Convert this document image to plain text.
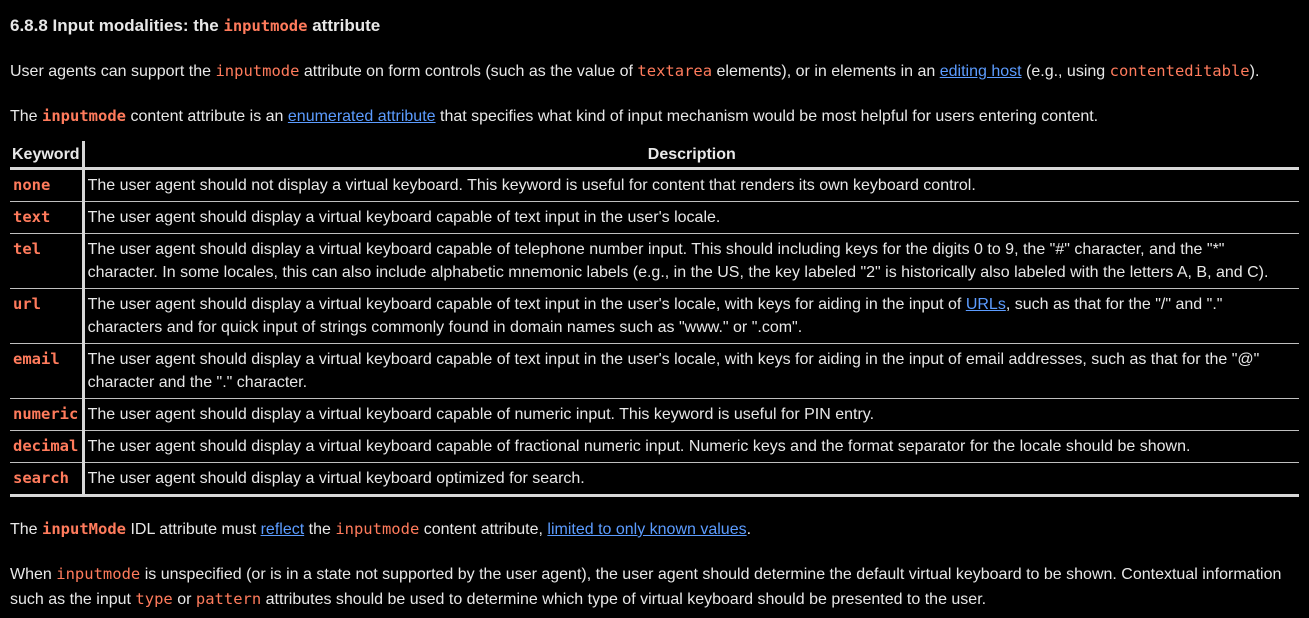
6.8.8 Input modalities: the inputmode attribute

User agents can support the inputmode attribute on form controls (such as the value of textarea elements), or in elements in an editing host (e.g., using contenteditable).

The inputmode content attribute is an enumerated attribute that specifies what kind of input mechanism would be most helpful for users entering content.

Keyword	Description
none	The user agent should not display a virtual keyboard. This keyword is useful for content that renders its own keyboard control.
text	The user agent should display a virtual keyboard capable of text input in the user's locale.
tel	The user agent should display a virtual keyboard capable of telephone number input. This should including keys for the digits 0 to 9, the "#" character, and the "*" character. In some locales, this can also include alphabetic mnemonic labels (e.g., in the US, the key labeled "2" is historically also labeled with the letters A, B, and C).
url	The user agent should display a virtual keyboard capable of text input in the user's locale, with keys for aiding in the input of URLs, such as that for the "/" and "." characters and for quick input of strings commonly found in domain names such as "www." or ".com".
email	The user agent should display a virtual keyboard capable of text input in the user's locale, with keys for aiding in the input of email addresses, such as that for the "@" character and the "." character.
numeric	The user agent should display a virtual keyboard capable of numeric input. This keyword is useful for PIN entry.
decimal	The user agent should display a virtual keyboard capable of fractional numeric input. Numeric keys and the format separator for the locale should be shown.
search	The user agent should display a virtual keyboard optimized for search.

The inputMode IDL attribute must reflect the inputmode content attribute, limited to only known values.

When inputmode is unspecified (or is in a state not supported by the user agent), the user agent should determine the default virtual keyboard to be shown. Contextual information such as the input type or pattern attributes should be used to determine which type of virtual keyboard should be presented to the user.
